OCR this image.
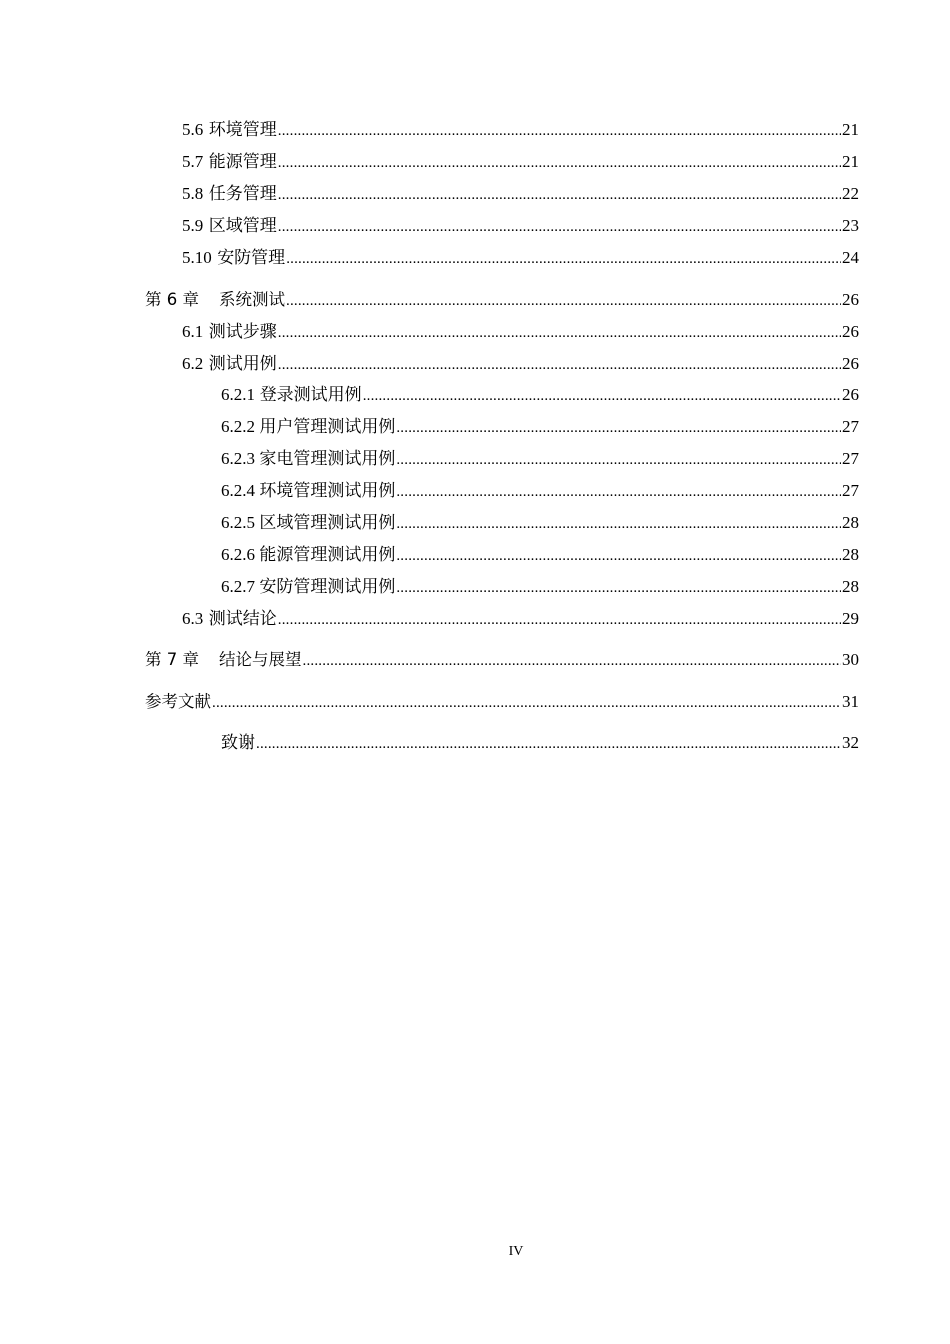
5.6 环境管理 .....	21
5.7 能源管理 .....	21
5.8 任务管理 .....	22
5.9 区域管理 .....	23
5.10 安防管理 .....	24
第 6 章 系统测试 .....	26
6.1 测试步骤 .....	26
6.2 测试用例 .....	26
6.2.1 登录测试用例 .....	26
6.2.2 用户管理测试用例 .....	27
6.2.3 家电管理测试用例 .....	27
6.2.4 环境管理测试用例 .....	27
6.2.5 区域管理测试用例 .....	28
6.2.6 能源管理测试用例 .....	28
6.2.7 安防管理测试用例 .....	28
6.3 测试结论 .....	29
第 7 章 结论与展望 .....	30
参考文献 .....	31
致谢 .....	32
IV
